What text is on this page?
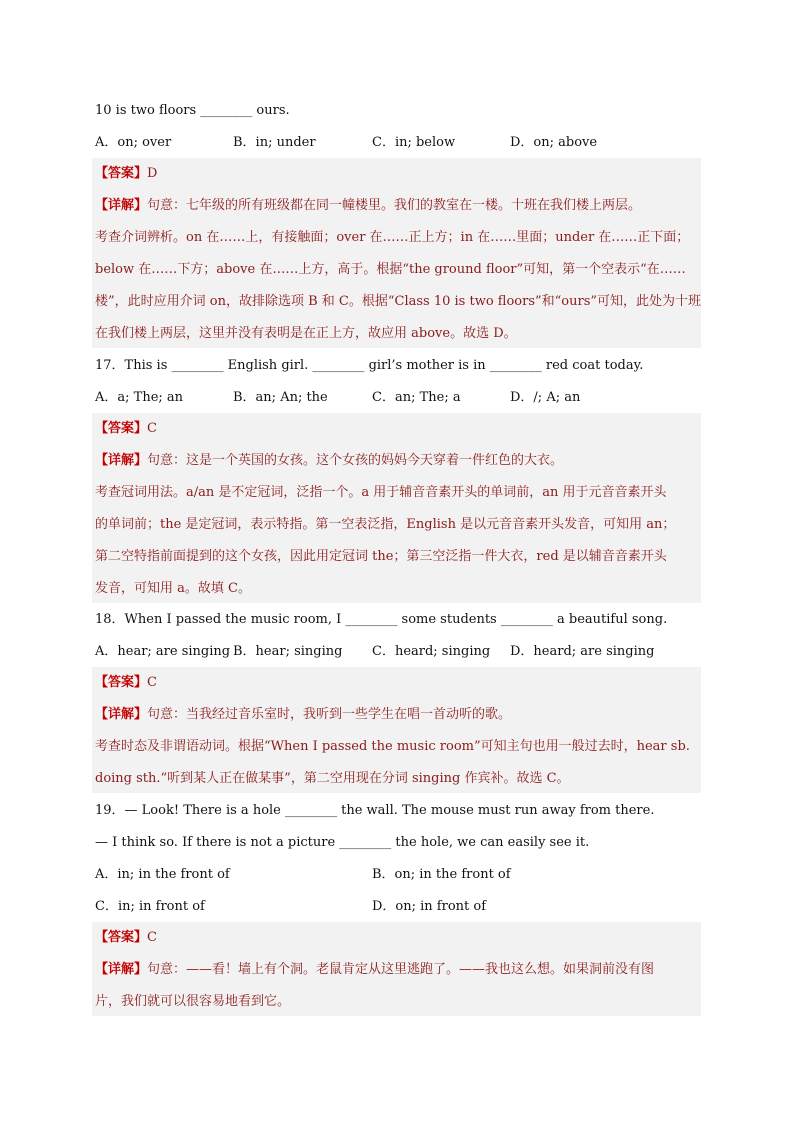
10 is two floors ________ ours.
A．on; over	B．in; under	C．in; below	D．on; above
【答案】D
【详解】句意：七年级的所有班级都在同一幢楼里。我们的教室在一楼。十班在我们楼上两层。
考查介词辨析。on 在……上，有接触面；over 在……正上方；in 在……里面；under 在……正下面；
below 在……下方；above 在……上方，高于。根据“the ground floor”可知，第一个空表示“在……
楼”，此时应用介词 on，故排除选项 B 和 C。根据“Class 10 is two floors”和“ours”可知，此处为十班
在我们楼上两层，这里并没有表明是在正上方，故应用 above。故选 D。
17．This is ________ English girl. ________ girl’s mother is in ________ red coat today.
A．a; The; an	B．an; An; the	C．an; The; a	D．/; A; an
【答案】C
【详解】句意：这是一个英国的女孩。这个女孩的妈妈今天穿着一件红色的大衣。
考查冠词用法。a/an 是不定冠词，泛指一个。a 用于辅音音素开头的单词前，an 用于元音音素开头
的单词前；the 是定冠词，表示特指。第一空表泛指，English 是以元音音素开头发音，可知用 an；
第二空特指前面提到的这个女孩，因此用定冠词 the；第三空泛指一件大衣，red 是以辅音音素开头
发音，可知用 a。故填 C。
18．When I passed the music room, I ________ some students ________ a beautiful song.
A．hear; are singing B．hear; singing C．heard; singing D．heard; are singing
【答案】C
【详解】句意：当我经过音乐室时，我听到一些学生在唱一首动听的歌。
考查时态及非谓语动词。根据“When I passed the music room”可知主句也用一般过去时，hear sb.
doing sth.“听到某人正在做某事”，第二空用现在分词 singing 作宾补。故选 C。
19．— Look! There is a hole ________ the wall. The mouse must run away from there.
— I think so. If there is not a picture ________ the hole, we can easily see it.
A．in; in the front of	B．on; in the front of
C．in; in front of	D．on; in front of
【答案】C
【详解】句意：——看！墙上有个洞。老鼠肯定从这里逃跑了。——我也这么想。如果洞前没有图
片，我们就可以很容易地看到它。
